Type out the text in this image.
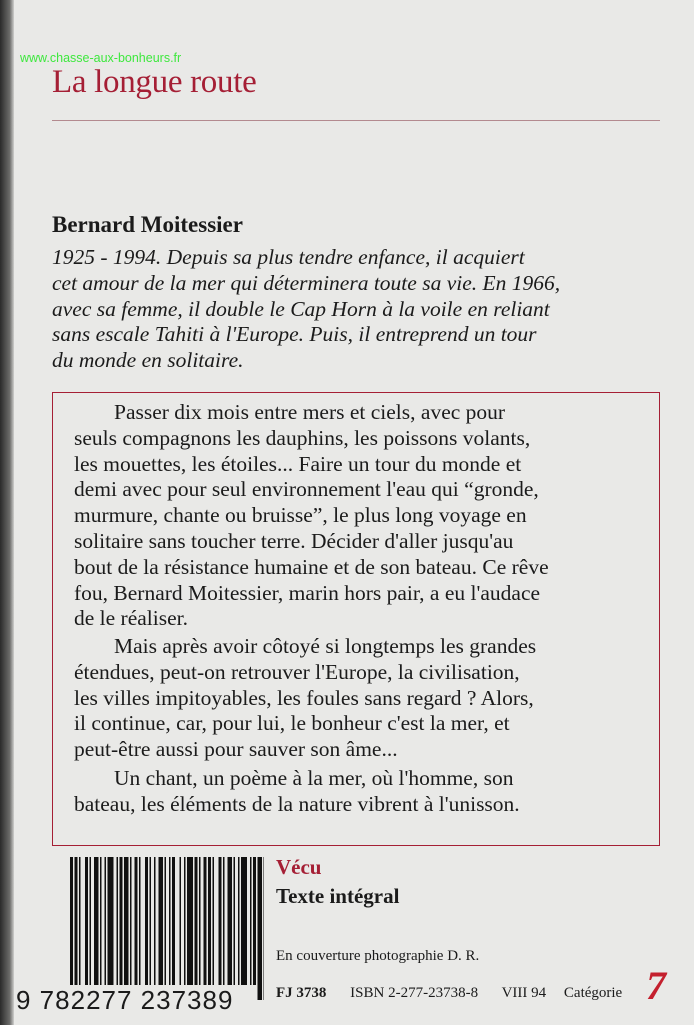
www.chasse-aux-bonheurs.fr
La longue route
Bernard Moitessier
1925 - 1994. Depuis sa plus tendre enfance, il acquiert
cet amour de la mer qui déterminera toute sa vie. En 1966,
avec sa femme, il double le Cap Horn à la voile en reliant
sans escale Tahiti à l'Europe. Puis, il entreprend un tour
du monde en solitaire.
Passer dix mois entre mers et ciels, avec pour
seuls compagnons les dauphins, les poissons volants,
les mouettes, les étoiles... Faire un tour du monde et
demi avec pour seul environnement l'eau qui “gronde,
murmure, chante ou bruisse”, le plus long voyage en
solitaire sans toucher terre. Décider d'aller jusqu'au
bout de la résistance humaine et de son bateau. Ce rêve
fou, Bernard Moitessier, marin hors pair, a eu l'audace
de le réaliser.
Mais après avoir côtoyé si longtemps les grandes
étendues, peut-on retrouver l'Europe, la civilisation,
les villes impitoyables, les foules sans regard ? Alors,
il continue, car, pour lui, le bonheur c'est la mer, et
peut-être aussi pour sauver son âme...
Un chant, un poème à la mer, où l'homme, son
bateau, les éléments de la nature vibrent à l'unisson.
9 782277 237389
Vécu
Texte intégral
En couverture photographie D. R.
FJ 3738 ISBN 2-277-23738-8 VIII 94 Catégorie 7
